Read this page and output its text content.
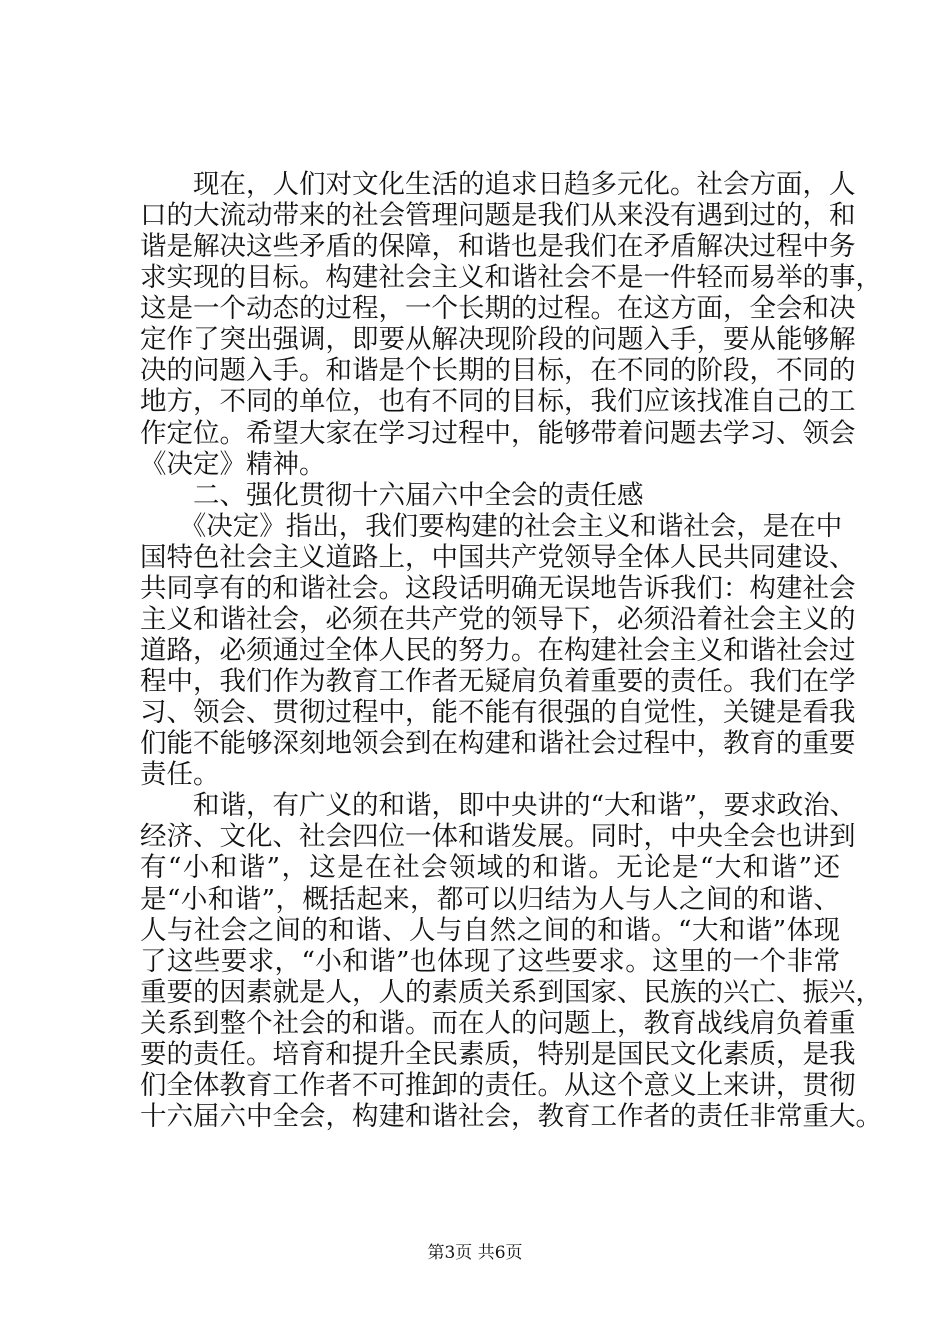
　　现在，人们对文化生活的追求日趋多元化。社会方面，人
口的大流动带来的社会管理问题是我们从来没有遇到过的，和
谐是解决这些矛盾的保障，和谐也是我们在矛盾解决过程中务
求实现的目标。构建社会主义和谐社会不是一件轻而易举的事，
这是一个动态的过程，一个长期的过程。在这方面，全会和决
定作了突出强调，即要从解决现阶段的问题入手，要从能够解
决的问题入手。和谐是个长期的目标，在不同的阶段，不同的
地方，不同的单位，也有不同的目标，我们应该找准自己的工
作定位。希望大家在学习过程中，能够带着问题去学习、领会
《决定》精神。
　　二、强化贯彻十六届六中全会的责任感
　　《决定》指出，我们要构建的社会主义和谐社会，是在中
国特色社会主义道路上，中国共产党领导全体人民共同建设、
共同享有的和谐社会。这段话明确无误地告诉我们：构建社会
主义和谐社会，必须在共产党的领导下，必须沿着社会主义的
道路，必须通过全体人民的努力。在构建社会主义和谐社会过
程中，我们作为教育工作者无疑肩负着重要的责任。我们在学
习、领会、贯彻过程中，能不能有很强的自觉性，关键是看我
们能不能够深刻地领会到在构建和谐社会过程中，教育的重要
责任。
　　和谐，有广义的和谐，即中央讲的“大和谐”，要求政治、
经济、文化、社会四位一体和谐发展。同时，中央全会也讲到
有“小和谐”，这是在社会领域的和谐。无论是“大和谐”还
是“小和谐”，概括起来，都可以归结为人与人之间的和谐、
人与社会之间的和谐、人与自然之间的和谐。“大和谐”体现
了这些要求，“小和谐”也体现了这些要求。这里的一个非常
重要的因素就是人，人的素质关系到国家、民族的兴亡、振兴，
关系到整个社会的和谐。而在人的问题上，教育战线肩负着重
要的责任。培育和提升全民素质，特别是国民文化素质，是我
们全体教育工作者不可推卸的责任。从这个意义上来讲，贯彻
十六届六中全会，构建和谐社会，教育工作者的责任非常重大。
第3页 共6页
